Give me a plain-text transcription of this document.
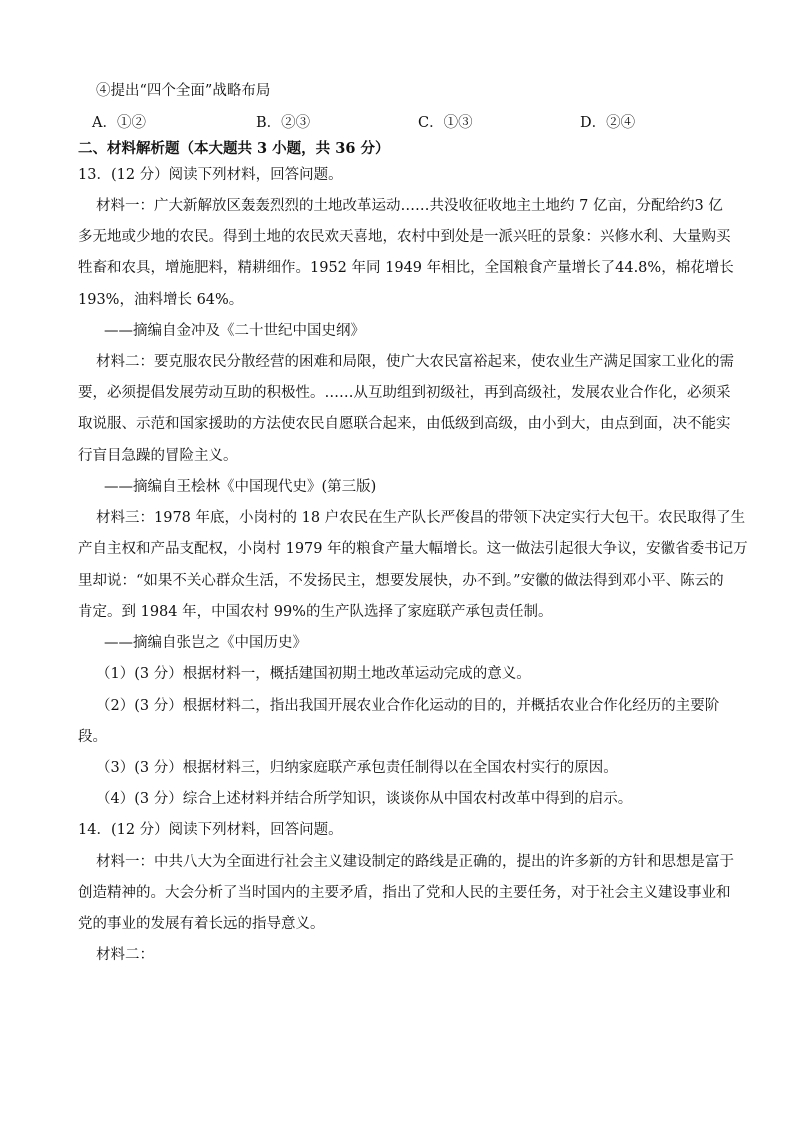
④提出“四个全面”战略布局
A．①②	B．②③	C．①③	D．②④
二、材料解析题（本大题共 3 小题，共 36 分）
13．(12 分）阅读下列材料，回答问题。
材料一：广大新解放区轰轰烈烈的土地改革运动……共没收征收地主土地约 7 亿亩，分配给约3 亿
多无地或少地的农民。得到土地的农民欢天喜地，农村中到处是一派兴旺的景象：兴修水利、大量购买
牲畜和农具，增施肥料，精耕细作。1952 年同 1949 年相比，全国粮食产量增长了44.8%，棉花增长
193%，油料增长 64%。
——摘编自金冲及《二十世纪中国史纲》
材料二：要克服农民分散经营的困难和局限，使广大农民富裕起来，使农业生产满足国家工业化的需
要，必须提倡发展劳动互助的积极性。……从互助组到初级社，再到高级社，发展农业合作化，必须采
取说服、示范和国家援助的方法使农民自愿联合起来，由低级到高级，由小到大，由点到面，决不能实
行盲目急躁的冒险主义。
——摘编自王桧林《中国现代史》(第三版)
材料三：1978 年底，小岗村的 18 户农民在生产队长严俊昌的带领下决定实行大包干。农民取得了生
产自主权和产品支配权，小岗村 1979 年的粮食产量大幅增长。这一做法引起很大争议，安徽省委书记万
里却说：“如果不关心群众生活，不发扬民主，想要发展快，办不到。”安徽的做法得到邓小平、陈云的
肯定。到 1984 年，中国农村 99%的生产队选择了家庭联产承包责任制。
——摘编自张岂之《中国历史》
（1）(3 分）根据材料一，概括建国初期土地改革运动完成的意义。
（2）(3 分）根据材料二，指出我国开展农业合作化运动的目的，并概括农业合作化经历的主要阶
段。
（3）(3 分）根据材料三，归纳家庭联产承包责任制得以在全国农村实行的原因。
（4）(3 分）综合上述材料并结合所学知识，谈谈你从中国农村改革中得到的启示。
14．(12 分）阅读下列材料，回答问题。
材料一：中共八大为全面进行社会主义建设制定的路线是正确的，提出的许多新的方针和思想是富于
创造精神的。大会分析了当时国内的主要矛盾，指出了党和人民的主要任务，对于社会主义建设事业和
党的事业的发展有着长远的指导意义。
材料二：
